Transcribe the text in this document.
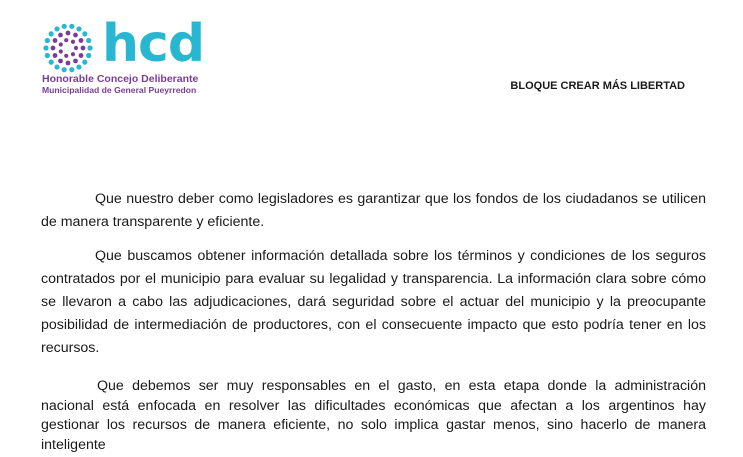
hcd
Honorable Concejo Deliberante
Municipalidad de General Pueyrredon	BLOQUE CREAR MÁS LIBERTAD

Que nuestro deber como legisladores es garantizar que los fondos de los ciudadanos se utilicen de manera transparente y eficiente.

Que buscamos obtener información detallada sobre los términos y condiciones de los seguros contratados por el municipio para evaluar su legalidad y transparencia. La información clara sobre cómo se llevaron a cabo las adjudicaciones, dará seguridad sobre el actuar del municipio y la preocupante posibilidad de intermediación de productores, con el consecuente impacto que esto podría tener en los recursos.

Que debemos ser muy responsables en el gasto, en esta etapa donde la administración nacional está enfocada en resolver las dificultades económicas que afectan a los argentinos hay gestionar los recursos de manera eficiente, no solo implica gastar menos, sino hacerlo de manera inteligente
